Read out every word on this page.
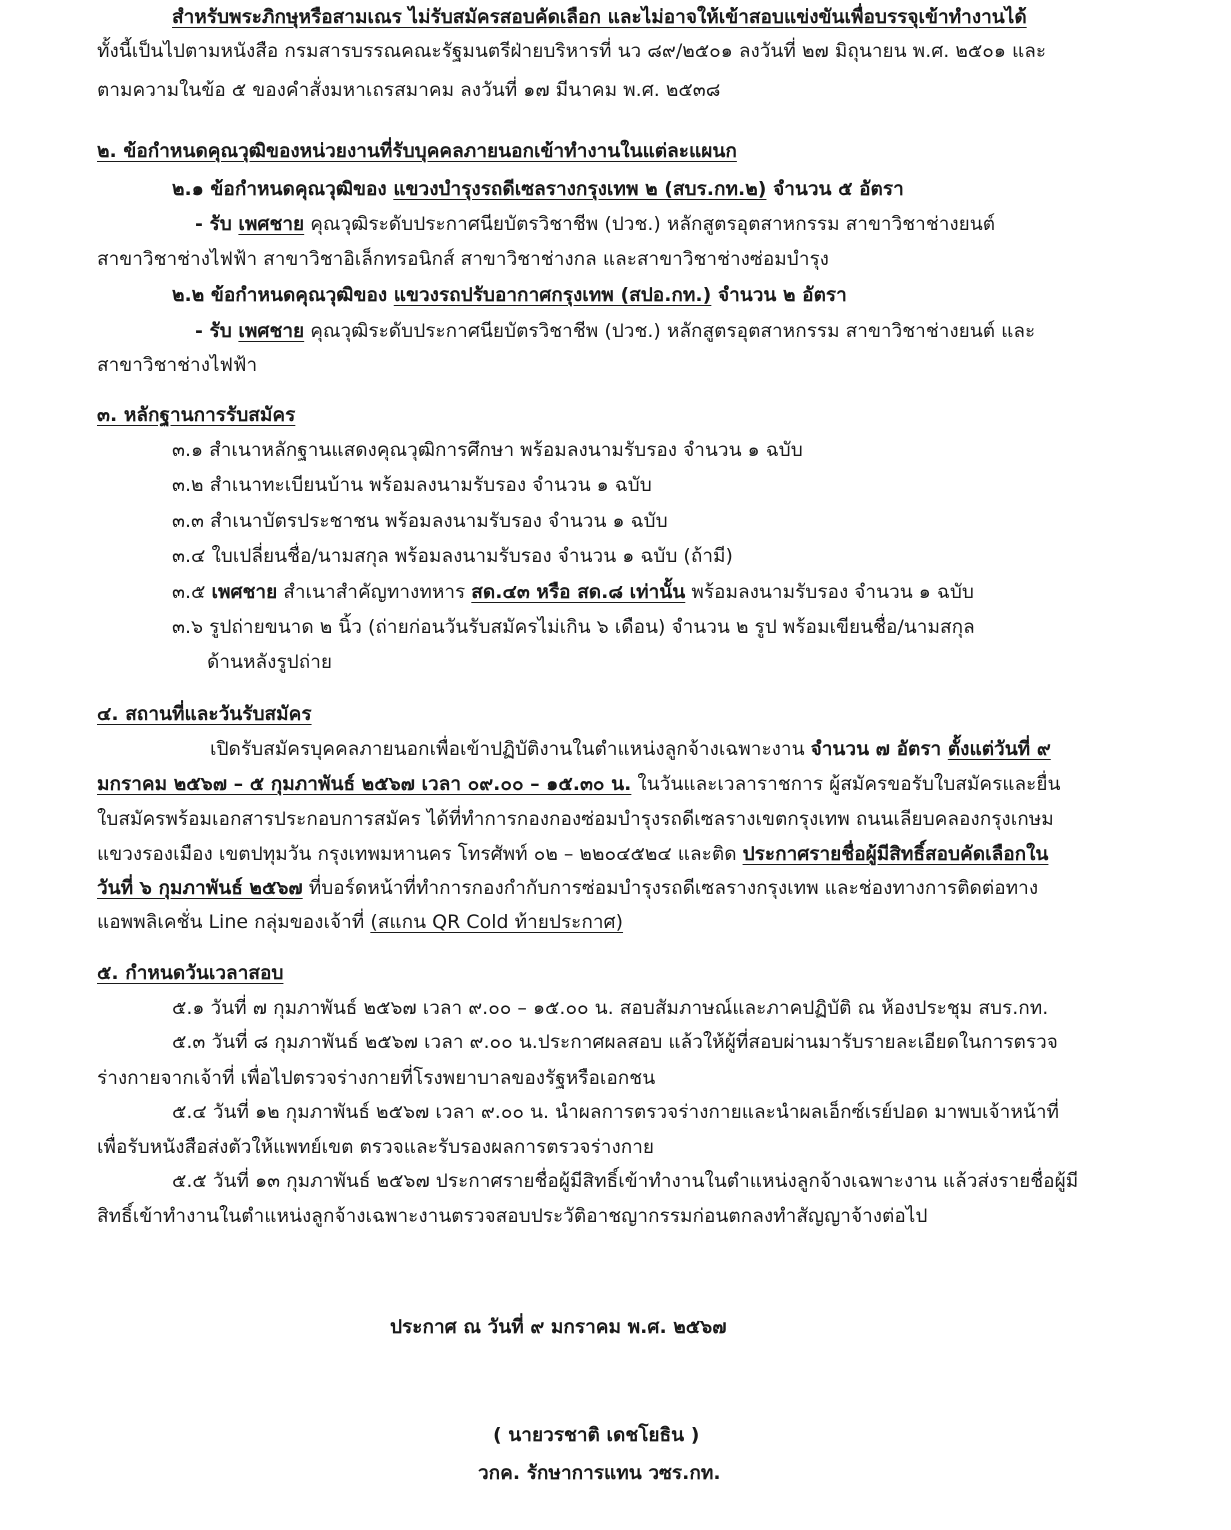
สำหรับพระภิกษุหรือสามเณร ไม่รับสมัครสอบคัดเลือก และไม่อาจให้เข้าสอบแข่งขันเพื่อบรรจุเข้าทำงานได้
ทั้งนี้เป็นไปตามหนังสือ กรมสารบรรณคณะรัฐมนตรีฝ่ายบริหารที่ นว ๘๙/๒๕๐๑ ลงวันที่ ๒๗ มิถุนายน พ.ศ. ๒๕๐๑ และ
ตามความในข้อ ๕ ของคำสั่งมหาเถรสมาคม ลงวันที่ ๑๗ มีนาคม พ.ศ. ๒๕๓๘
๒. ข้อกำหนดคุณวุฒิของหน่วยงานที่รับบุคคลภายนอกเข้าทำงานในแต่ละแผนก
๒.๑ ข้อกำหนดคุณวุฒิของ แขวงบำรุงรถดีเซลรางกรุงเทพ ๒ (สบร.กท.๒) จำนวน ๕ อัตรา
- รับ เพศชาย คุณวุฒิระดับประกาศนียบัตรวิชาชีพ (ปวช.) หลักสูตรอุตสาหกรรม สาขาวิชาช่างยนต์
สาขาวิชาช่างไฟฟ้า สาขาวิชาอิเล็กทรอนิกส์ สาขาวิชาช่างกล และสาขาวิชาช่างซ่อมบำรุง
๒.๒ ข้อกำหนดคุณวุฒิของ แขวงรถปรับอากาศกรุงเทพ (สปอ.กท.) จำนวน ๒ อัตรา
- รับ เพศชาย คุณวุฒิระดับประกาศนียบัตรวิชาชีพ (ปวช.) หลักสูตรอุตสาหกรรม สาขาวิชาช่างยนต์ และ
สาขาวิชาช่างไฟฟ้า
๓. หลักฐานการรับสมัคร
๓.๑ สำเนาหลักฐานแสดงคุณวุฒิการศึกษา พร้อมลงนามรับรอง จำนวน ๑ ฉบับ
๓.๒ สำเนาทะเบียนบ้าน พร้อมลงนามรับรอง จำนวน ๑ ฉบับ
๓.๓ สำเนาบัตรประชาชน พร้อมลงนามรับรอง จำนวน ๑ ฉบับ
๓.๔ ใบเปลี่ยนชื่อ/นามสกุล พร้อมลงนามรับรอง จำนวน ๑ ฉบับ (ถ้ามี)
๓.๕ เพศชาย สำเนาสำคัญทางทหาร สด.๔๓ หรือ สด.๘ เท่านั้น พร้อมลงนามรับรอง จำนวน ๑ ฉบับ
๓.๖ รูปถ่ายขนาด ๒ นิ้ว (ถ่ายก่อนวันรับสมัครไม่เกิน ๖ เดือน) จำนวน ๒ รูป พร้อมเขียนชื่อ/นามสกุล
ด้านหลังรูปถ่าย
๔. สถานที่และวันรับสมัคร
เปิดรับสมัครบุคคลภายนอกเพื่อเข้าปฏิบัติงานในตำแหน่งลูกจ้างเฉพาะงาน จำนวน ๗ อัตรา ตั้งแต่วันที่ ๙
มกราคม ๒๕๖๗ – ๕ กุมภาพันธ์ ๒๕๖๗ เวลา ๐๙.๐๐ – ๑๕.๓๐ น. ในวันและเวลาราชการ ผู้สมัครขอรับใบสมัครและยื่น
ใบสมัครพร้อมเอกสารประกอบการสมัคร ได้ที่ทำการกองกองซ่อมบำรุงรถดีเซลรางเขตกรุงเทพ ถนนเลียบคลองกรุงเกษม
แขวงรองเมือง เขตปทุมวัน กรุงเทพมหานคร โทรศัพท์ ๐๒ – ๒๒๐๔๕๒๔ และติด ประกาศรายชื่อผู้มีสิทธิ์สอบคัดเลือกใน
วันที่ ๖ กุมภาพันธ์ ๒๕๖๗ ที่บอร์ดหน้าที่ทำการกองกำกับการซ่อมบำรุงรถดีเซลรางกรุงเทพ และช่องทางการติดต่อทาง
แอพพลิเคชั่น Line กลุ่มของเจ้าที่ (สแกน QR Cold ท้ายประกาศ)
๕. กำหนดวันเวลาสอบ
๕.๑ วันที่ ๗ กุมภาพันธ์ ๒๕๖๗ เวลา ๙.๐๐ – ๑๕.๐๐ น. สอบสัมภาษณ์และภาคปฏิบัติ ณ ห้องประชุม สบร.กท.
๕.๓ วันที่ ๘ กุมภาพันธ์ ๒๕๖๗ เวลา ๙.๐๐ น.ประกาศผลสอบ แล้วให้ผู้ที่สอบผ่านมารับรายละเอียดในการตรวจ
ร่างกายจากเจ้าที่ เพื่อไปตรวจร่างกายที่โรงพยาบาลของรัฐหรือเอกชน
๕.๔ วันที่ ๑๒ กุมภาพันธ์ ๒๕๖๗ เวลา ๙.๐๐ น. นำผลการตรวจร่างกายและนำผลเอ็กซ์เรย์ปอด มาพบเจ้าหน้าที่
เพื่อรับหนังสือส่งตัวให้แพทย์เขต ตรวจและรับรองผลการตรวจร่างกาย
๕.๕ วันที่ ๑๓ กุมภาพันธ์ ๒๕๖๗ ประกาศรายชื่อผู้มีสิทธิ์เข้าทำงานในตำแหน่งลูกจ้างเฉพาะงาน แล้วส่งรายชื่อผู้มี
สิทธิ์เข้าทำงานในตำแหน่งลูกจ้างเฉพาะงานตรวจสอบประวัติอาชญากรรมก่อนตกลงทำสัญญาจ้างต่อไป
ประกาศ ณ วันที่ ๙ มกราคม พ.ศ. ๒๕๖๗
( นายวรชาติ เดชโยธิน )
วกค. รักษาการแทน วซร.กท.
